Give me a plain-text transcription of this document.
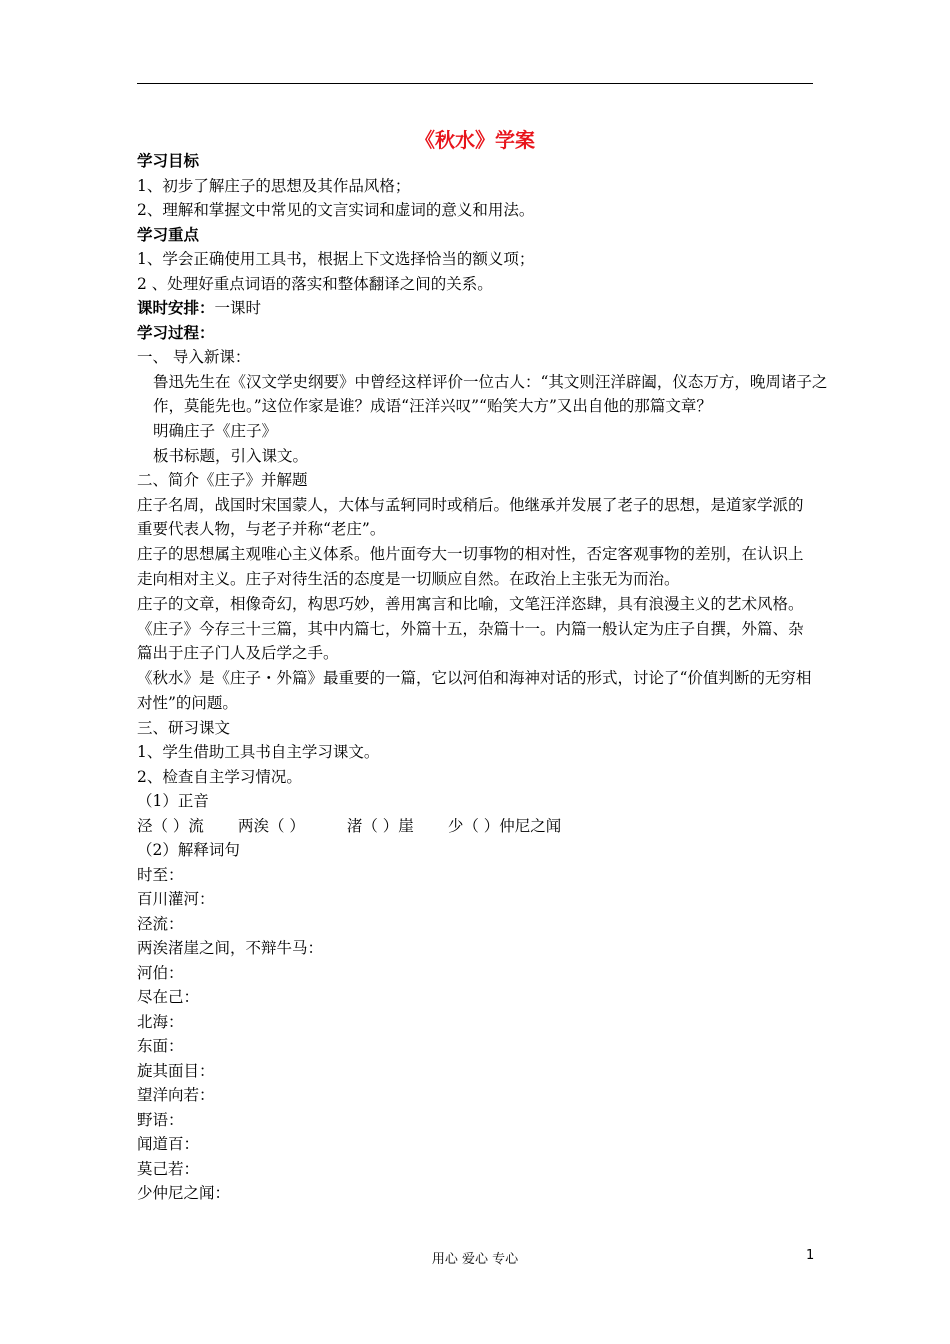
《秋水》学案
学习目标
1、初步了解庄子的思想及其作品风格；
2、理解和掌握文中常见的文言实词和虚词的意义和用法。
学习重点
1、学会正确使用工具书，根据上下文选择恰当的额义项；
2 、处理好重点词语的落实和整体翻译之间的关系。
课时安排：一课时
学习过程：
一、 导入新课：
鲁迅先生在《汉文学史纲要》中曾经这样评价一位古人：“其文则汪洋辟阖，仪态万方，晚周诸子之作，莫能先也。”这位作家是谁？成语“汪洋兴叹”“贻笑大方”又出自他的那篇文章？
明确庄子《庄子》
板书标题，引入课文。
二、简介《庄子》并解题
庄子名周，战国时宋国蒙人，大体与孟轲同时或稍后。他继承并发展了老子的思想，是道家学派的重要代表人物，与老子并称“老庄”。
庄子的思想属主观唯心主义体系。他片面夸大一切事物的相对性，否定客观事物的差别，在认识上走向相对主义。庄子对待生活的态度是一切顺应自然。在政治上主张无为而治。
庄子的文章，相像奇幻，构思巧妙，善用寓言和比喻，文笔汪洋恣肆，具有浪漫主义的艺术风格。
《庄子》今存三十三篇，其中内篇七，外篇十五，杂篇十一。内篇一般认定为庄子自撰，外篇、杂篇出于庄子门人及后学之手。
《秋水》是《庄子・外篇》最重要的一篇，它以河伯和海神对话的形式，讨论了“价值判断的无穷相对性”的问题。
三、研习课文
1、学生借助工具书自主学习课文。
2、检查自主学习情况。
（1）正音
泾（ ）流 两涘（ ）	渚（ ）崖 少（ ）仲尼之闻
（2）解释词句
时至：
百川灌河：
泾流：
两涘渚崖之间，不辩牛马：
河伯：
尽在己：
北海：
东面：
旋其面目：
望洋向若：
野语：
闻道百：
莫己若：
少仲尼之闻：
用心 爱心 专心	1
